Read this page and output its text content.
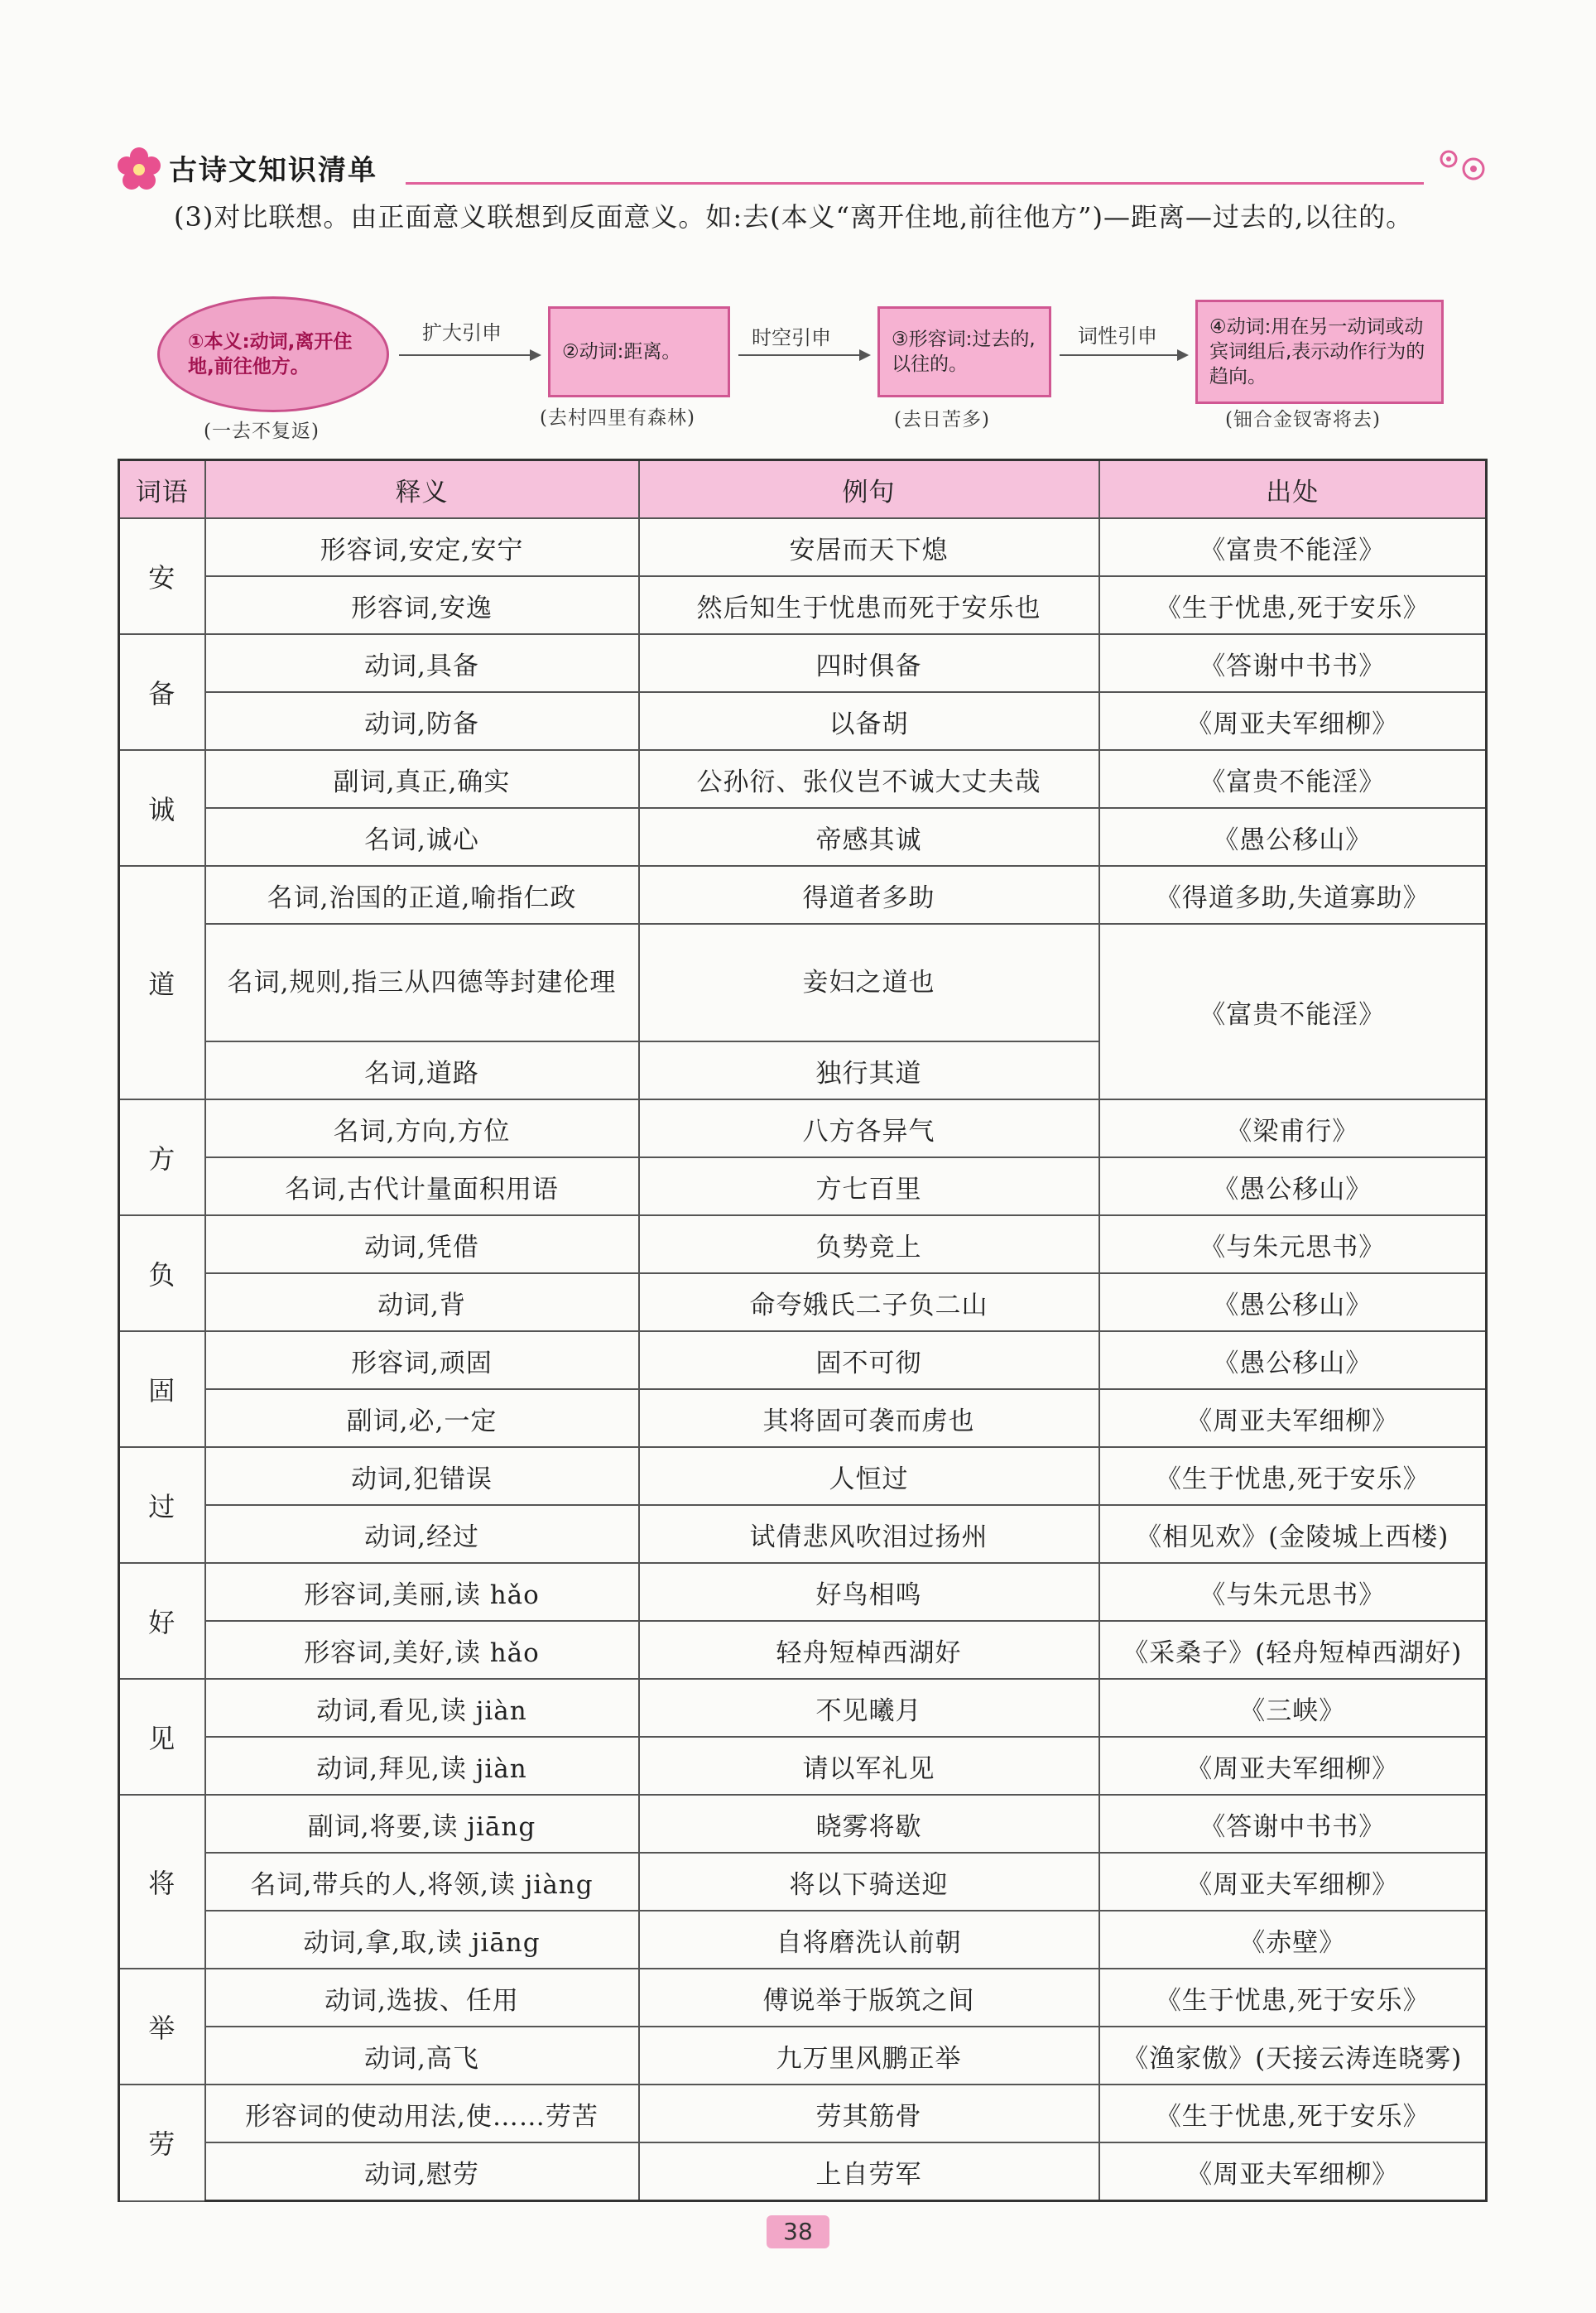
古诗文知识清单
(3)对比联想。由正面意义联想到反面意义。如:去(本义“离开住地,前往他方”)—距离—过去的,以往的。
①本义:动词,离开住地,前往他方。
②动词:距离。
③形容词:过去的,以往的。
④动词:用在另一动词或动宾词组后,表示动作行为的趋向。
扩大引申	时空引申	词性引申
(一去不复返)
(去村四里有森林)	(去日苦多)	(钿合金钗寄将去)
词语	释义	例句	出处
安	形容词,安定,安宁	安居而天下熄	《富贵不能淫》
	形容词,安逸	然后知生于忧患而死于安乐也	《生于忧患,死于安乐》
备	动词,具备	四时俱备	《答谢中书书》
	动词,防备	以备胡	《周亚夫军细柳》
诚	副词,真正,确实	公孙衍、张仪岂不诚大丈夫哉	《富贵不能淫》
	名词,诚心	帝感其诚	《愚公移山》
道	名词,治国的正道,喻指仁政	得道者多助	《得道多助,失道寡助》
	名词,规则,指三从四德等封建伦理	妾妇之道也	《富贵不能淫》
	名词,道路	独行其道	
方	名词,方向,方位	八方各异气	《梁甫行》
	名词,古代计量面积用语	方七百里	《愚公移山》
负	动词,凭借	负势竞上	《与朱元思书》
	动词,背	命夸娥氏二子负二山	《愚公移山》
固	形容词,顽固	固不可彻	《愚公移山》
	副词,必,一定	其将固可袭而虏也	《周亚夫军细柳》
过	动词,犯错误	人恒过	《生于忧患,死于安乐》
	动词,经过	试倩悲风吹泪过扬州	《相见欢》(金陵城上西楼)
好	形容词,美丽,读 hǎo	好鸟相鸣	《与朱元思书》
	形容词,美好,读 hǎo	轻舟短棹西湖好	《采桑子》(轻舟短棹西湖好)
见	动词,看见,读 jiàn	不见曦月	《三峡》
	动词,拜见,读 jiàn	请以军礼见	《周亚夫军细柳》
将	副词,将要,读 jiāng	晓雾将歇	《答谢中书书》
	名词,带兵的人,将领,读 jiàng	将以下骑送迎	《周亚夫军细柳》
	动词,拿,取,读 jiāng	自将磨洗认前朝	《赤壁》
举	动词,选拔、任用	傅说举于版筑之间	《生于忧患,死于安乐》
	动词,高飞	九万里风鹏正举	《渔家傲》(天接云涛连晓雾)
劳	形容词的使动用法,使……劳苦	劳其筋骨	《生于忧患,死于安乐》
	动词,慰劳	上自劳军	《周亚夫军细柳》
38
